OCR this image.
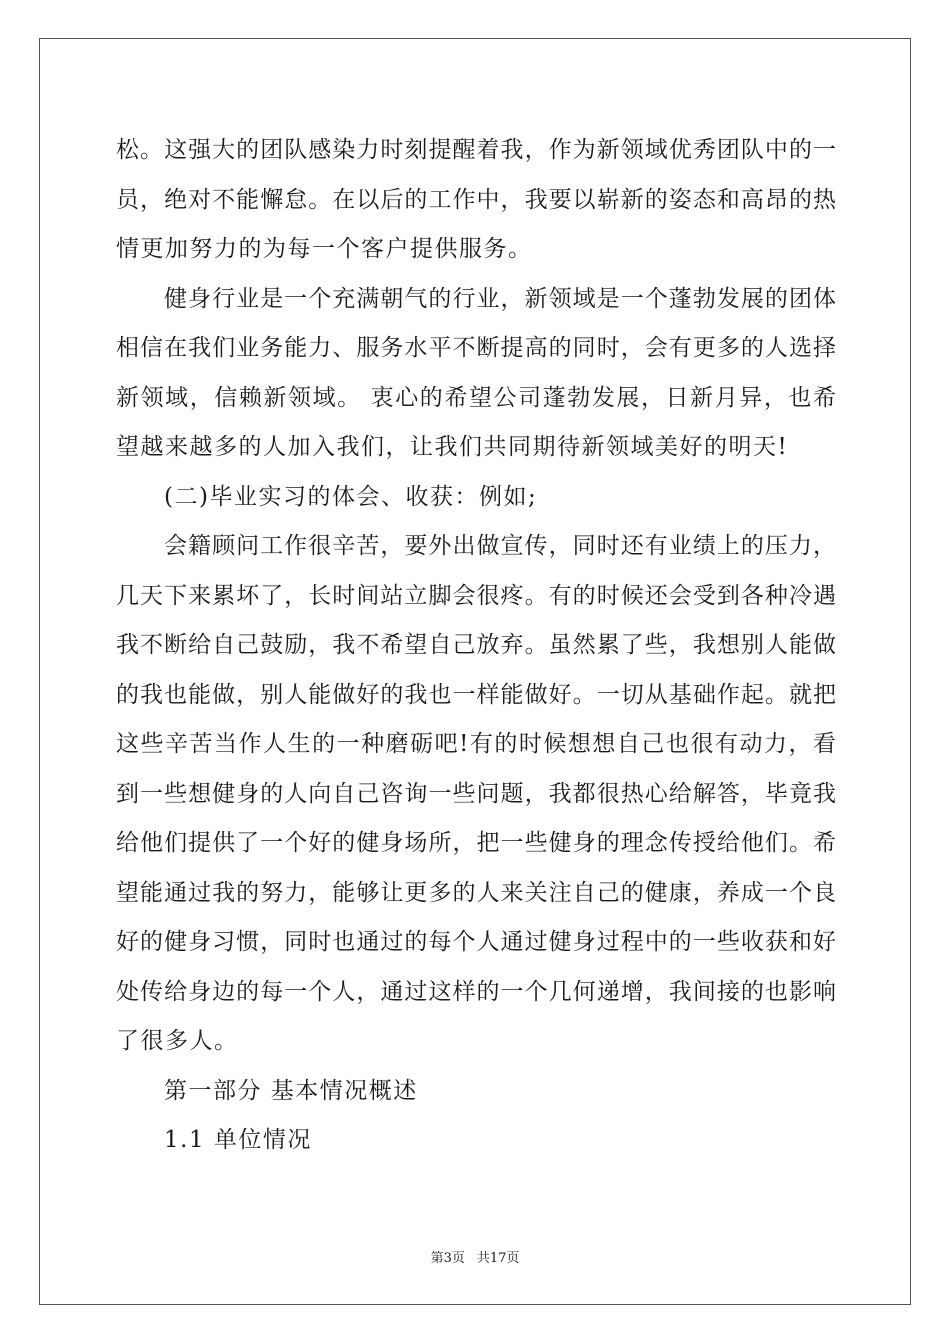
松。这强大的团队感染力时刻提醒着我，作为新领域优秀团队中的一
员，绝对不能懈怠。在以后的工作中，我要以崭新的姿态和高昂的热
情更加努力的为每一个客户提供服务。
健身行业是一个充满朝气的行业，新领域是一个蓬勃发展的团体
相信在我们业务能力、服务水平不断提高的同时，会有更多的人选择
新领域，信赖新领域。 衷心的希望公司蓬勃发展，日新月异，也希
望越来越多的人加入我们，让我们共同期待新领域美好的明天!
(二)毕业实习的体会、收获：例如;
会籍顾问工作很辛苦，要外出做宣传，同时还有业绩上的压力，
几天下来累坏了，长时间站立脚会很疼。有的时候还会受到各种冷遇
我不断给自己鼓励，我不希望自己放弃。虽然累了些，我想别人能做
的我也能做，别人能做好的我也一样能做好。一切从基础作起。就把
这些辛苦当作人生的一种磨砺吧!有的时候想想自己也很有动力，看
到一些想健身的人向自己咨询一些问题，我都很热心给解答，毕竟我
给他们提供了一个好的健身场所，把一些健身的理念传授给他们。希
望能通过我的努力，能够让更多的人来关注自己的健康，养成一个良
好的健身习惯，同时也通过的每个人通过健身过程中的一些收获和好
处传给身边的每一个人，通过这样的一个几何递增，我间接的也影响
了很多人。
第一部分 基本情况概述
1.1 单位情况
第3页 共17页
